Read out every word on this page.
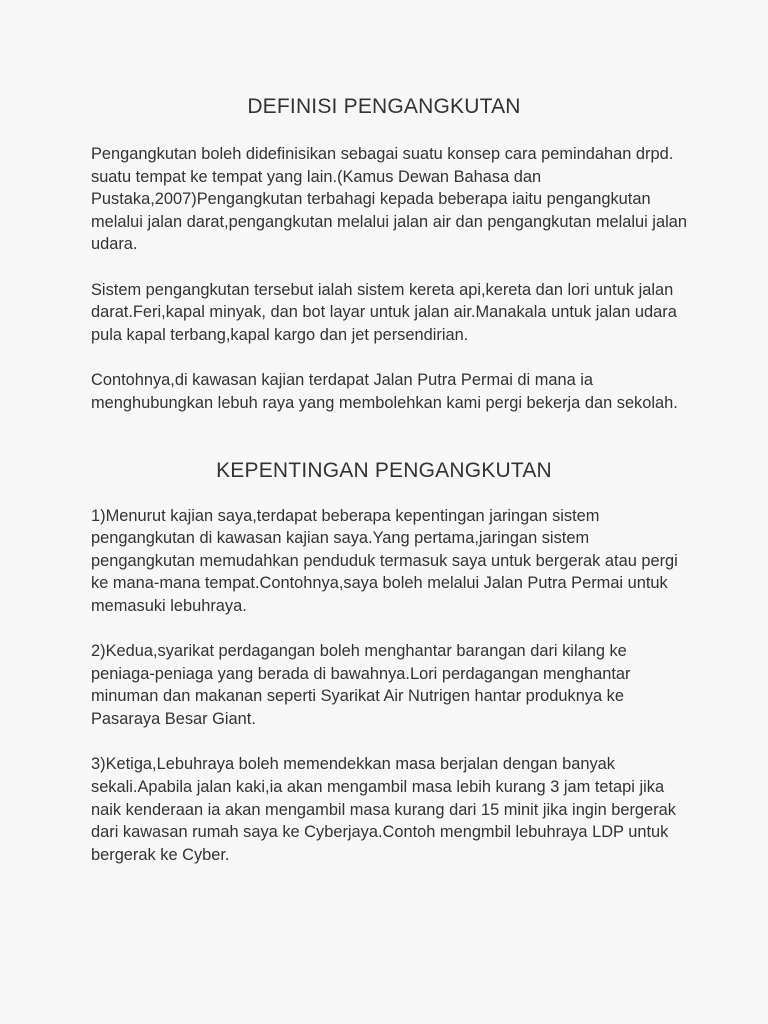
DEFINISI PENGANGKUTAN

Pengangkutan boleh didefinisikan sebagai suatu konsep cara pemindahan drpd. suatu tempat ke tempat yang lain.(Kamus Dewan Bahasa dan Pustaka,2007)Pengangkutan terbahagi kepada beberapa iaitu pengangkutan melalui jalan darat,pengangkutan melalui jalan air dan pengangkutan melalui jalan udara.

Sistem pengangkutan tersebut ialah sistem kereta api,kereta dan lori untuk jalan darat.Feri,kapal minyak, dan bot layar untuk jalan air.Manakala untuk jalan udara pula kapal terbang,kapal kargo dan jet persendirian.

Contohnya,di kawasan kajian terdapat Jalan Putra Permai di mana ia menghubungkan lebuh raya yang membolehkan kami pergi bekerja dan sekolah.

KEPENTINGAN PENGANGKUTAN

1)Menurut kajian saya,terdapat beberapa kepentingan jaringan sistem pengangkutan di kawasan kajian saya.Yang pertama,jaringan sistem pengangkutan memudahkan penduduk termasuk saya untuk bergerak atau pergi ke mana-mana tempat.Contohnya,saya boleh melalui Jalan Putra Permai untuk memasuki lebuhraya.

2)Kedua,syarikat perdagangan boleh menghantar barangan dari kilang ke peniaga-peniaga yang berada di bawahnya.Lori perdagangan menghantar minuman dan makanan seperti Syarikat Air Nutrigen hantar produknya ke Pasaraya Besar Giant.

3)Ketiga,Lebuhraya boleh memendekkan masa berjalan dengan banyak sekali.Apabila jalan kaki,ia akan mengambil masa lebih kurang 3 jam tetapi jika naik kenderaan ia akan mengambil masa kurang dari 15 minit jika ingin bergerak dari kawasan rumah saya ke Cyberjaya.Contoh mengmbil lebuhraya LDP untuk bergerak ke Cyber.
